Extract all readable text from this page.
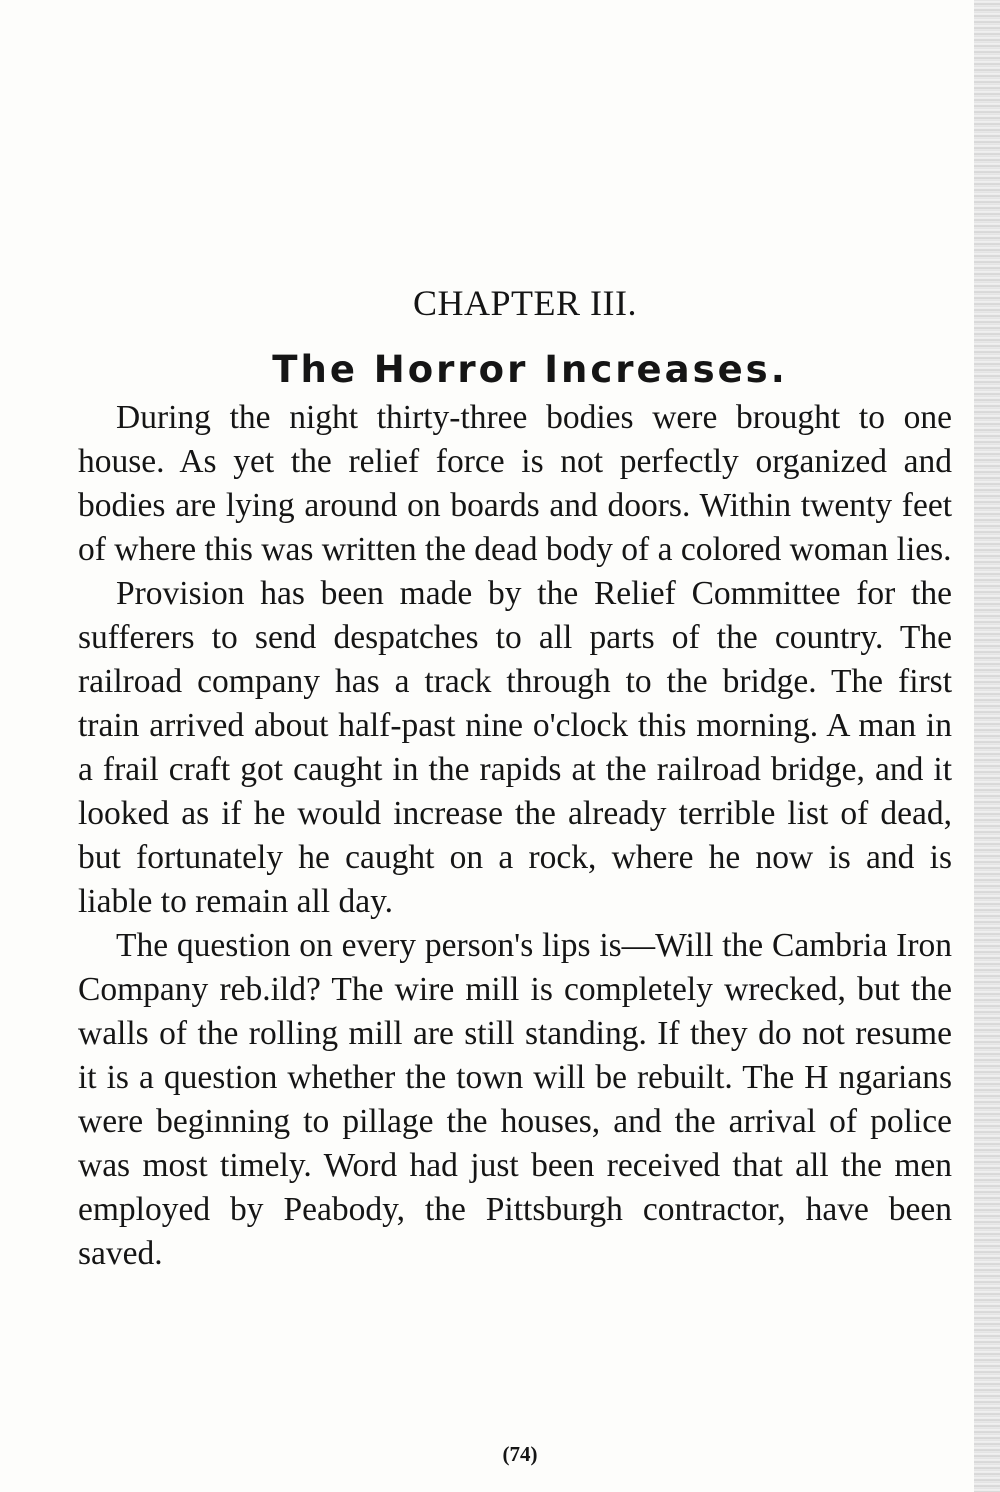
CHAPTER III.
The Horror Increases.

During the night thirty-three bodies were brought to one house. As yet the relief force is not perfectly organized and bodies are lying around on boards and doors. Within twenty feet of where this was written the dead body of a colored woman lies.

Provision has been made by the Relief Committee for the sufferers to send despatches to all parts of the country. The railroad company has a track through to the bridge. The first train arrived about half-past nine o'clock this morning. A man in a frail craft got caught in the rapids at the railroad bridge, and it looked as if he would increase the already terrible list of dead, but fortunately he caught on a rock, where he now is and is liable to remain all day.

The question on every person's lips is—Will the Cambria Iron Company reb.ild? The wire mill is completely wrecked, but the walls of the rolling mill are still standing. If they do not resume it is a question whether the town will be rebuilt. The H ngarians were beginning to pillage the houses, and the arrival of police was most timely. Word had just been received that all the men employed by Peabody, the Pittsburgh contractor, have been saved.

(74)
